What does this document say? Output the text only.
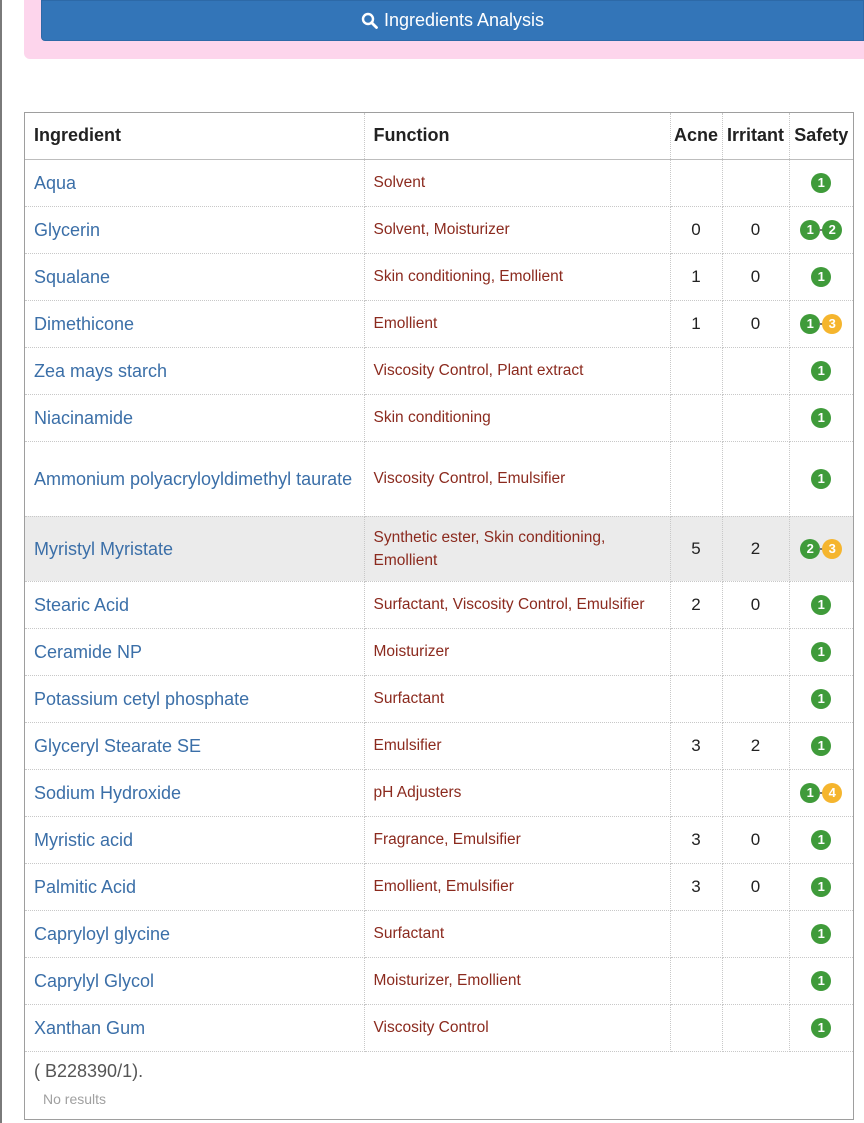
Ingredients Analysis
Ingredient	Function	Acne	Irritant	Safety
Aqua	Solvent			1

Glycerin	Solvent, Moisturizer	0	0	1 2

Squalane	Skin conditioning, Emollient	1	0	1

Dimethicone	Emollient	1	0	1 3

Zea mays starch	Viscosity Control, Plant extract			1

Niacinamide	Skin conditioning			1

Ammonium polyacryloyldimethyl taurate	Viscosity Control, Emulsifier			1

Myristyl Myristate	Synthetic ester, Skin conditioning, Emollient	5	2	2 3

Stearic Acid	Surfactant, Viscosity Control, Emulsifier	2	0	1

Ceramide NP	Moisturizer			1

Potassium cetyl phosphate	Surfactant			1

Glyceryl Stearate SE	Emulsifier	3	2	1

Sodium Hydroxide	pH Adjusters			1 4

Myristic acid	Fragrance, Emulsifier	3	0	1

Palmitic Acid	Emollient, Emulsifier	3	0	1

Capryloyl glycine	Surfactant			1

Caprylyl Glycol	Moisturizer, Emollient			1

Xanthan Gum	Viscosity Control			1
( B228390/1).
No results
